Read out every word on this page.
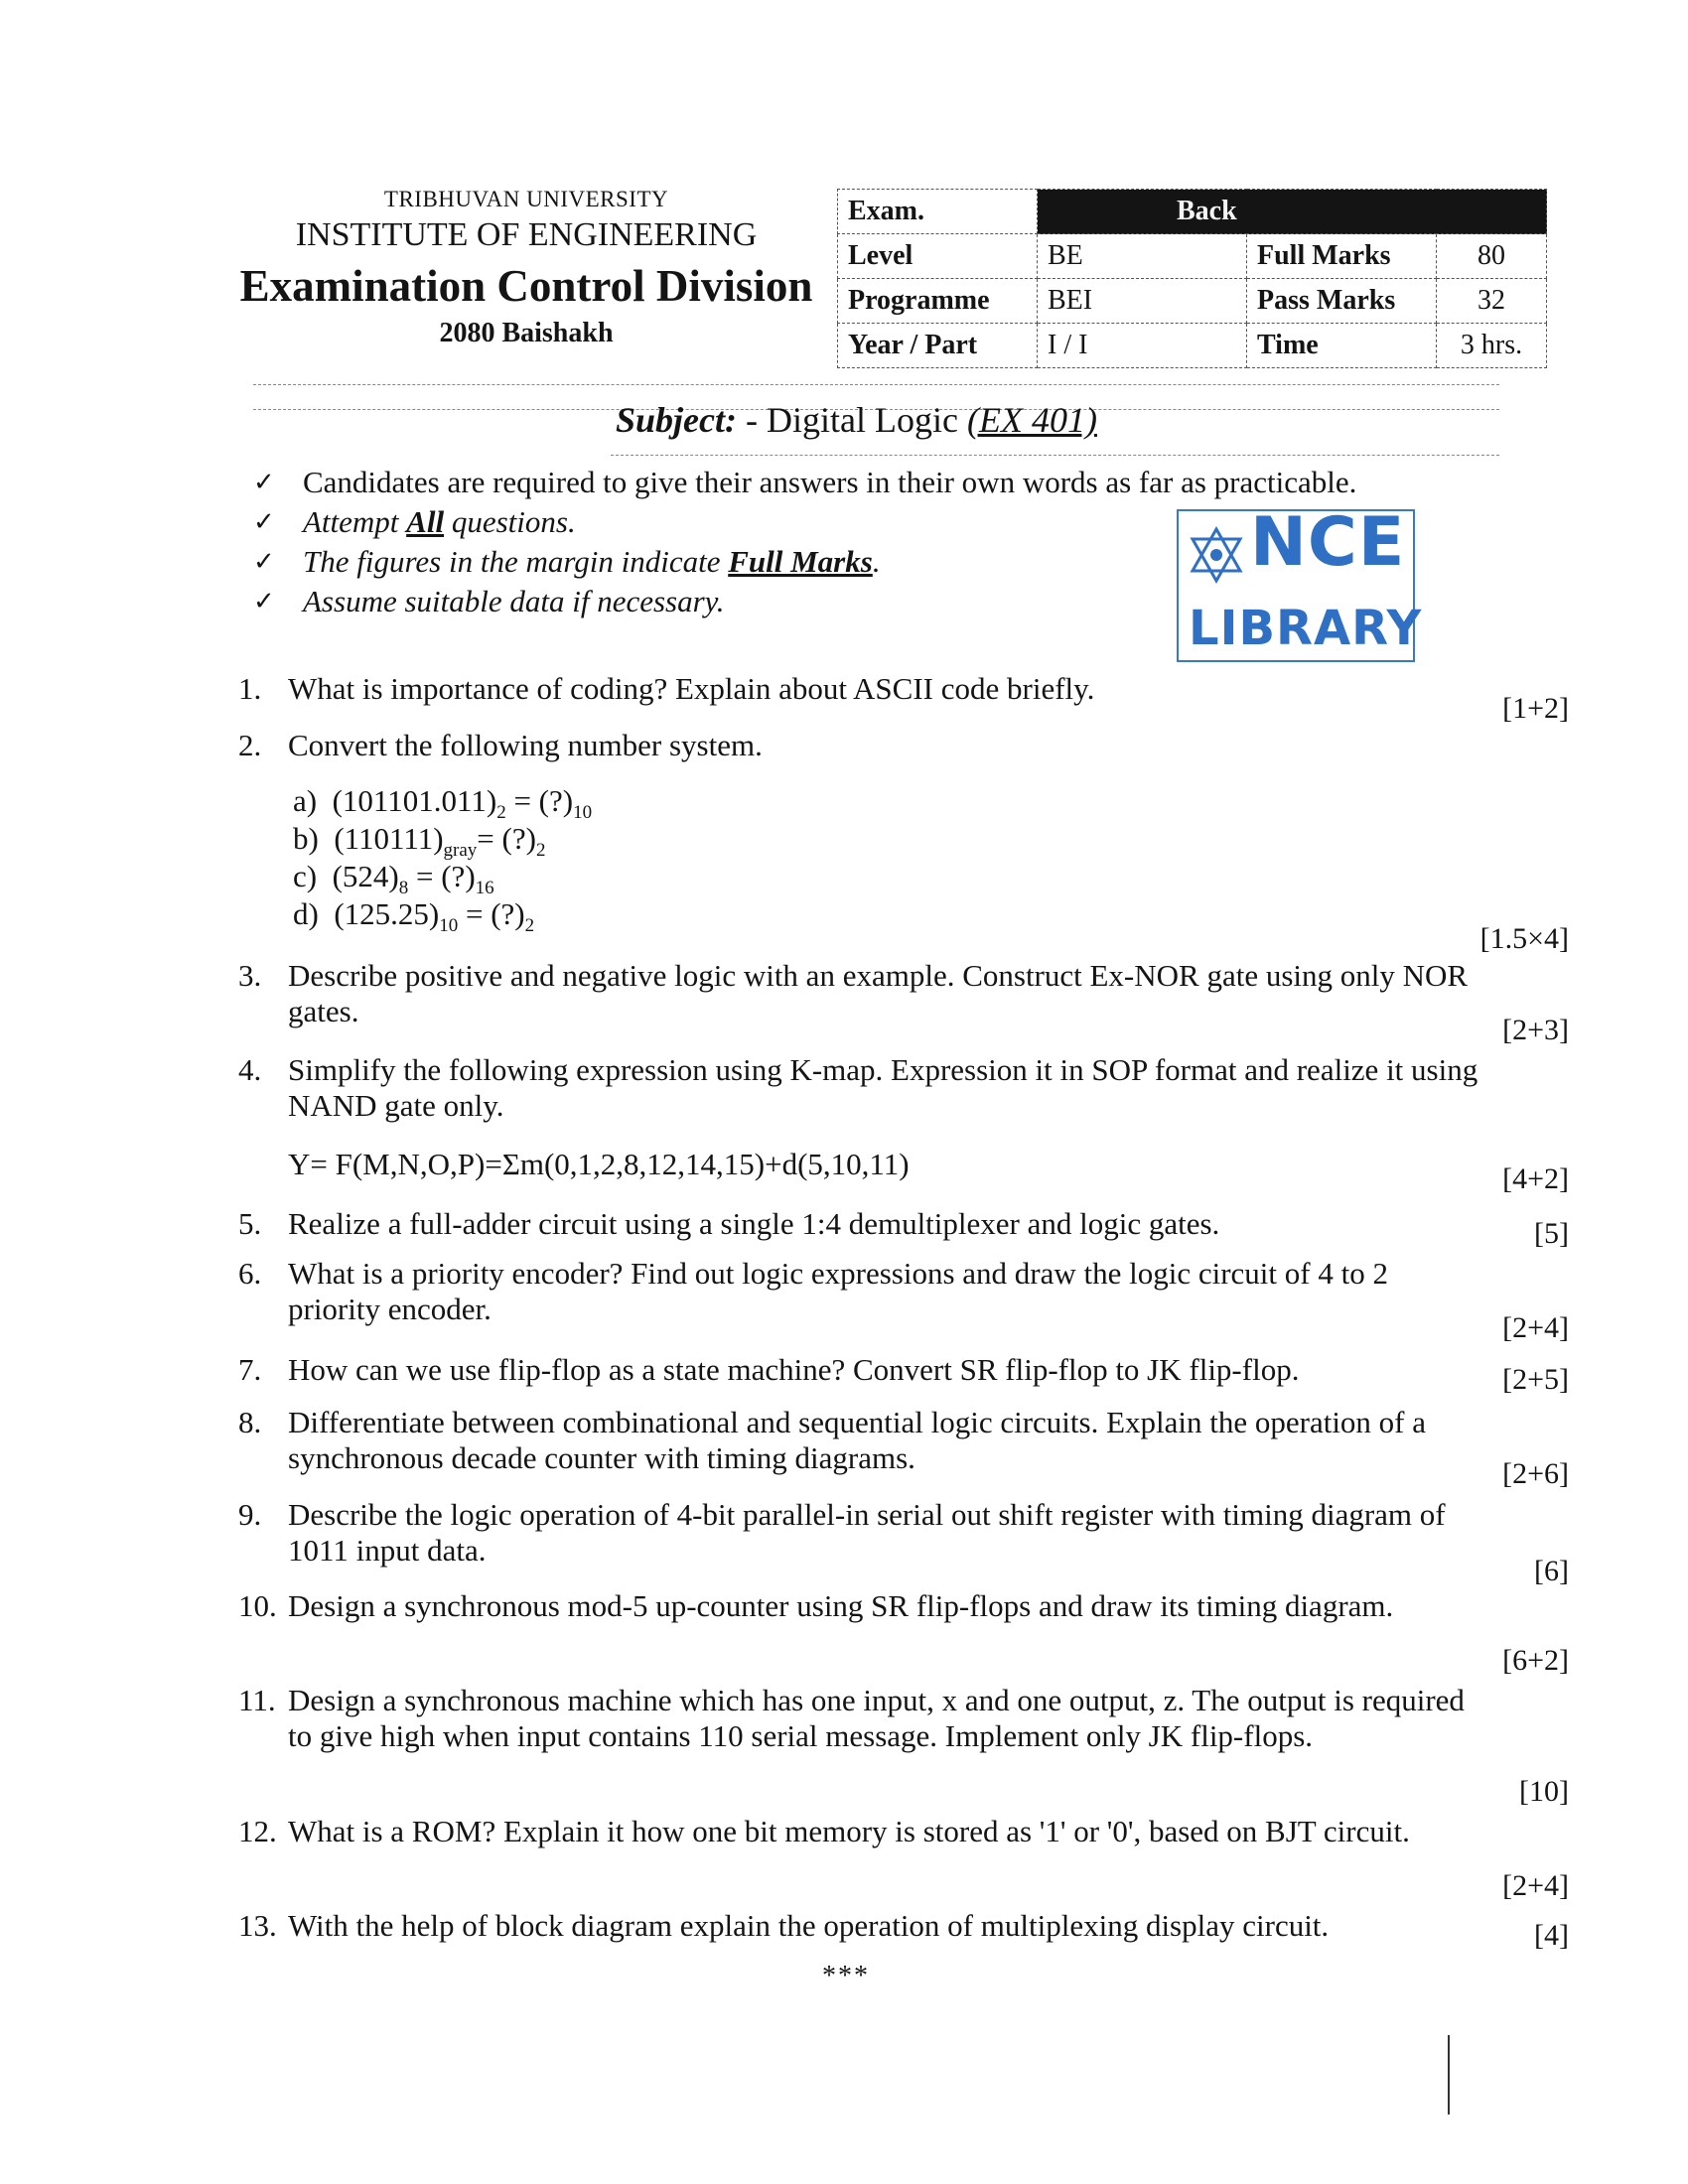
TRIBHUVAN UNIVERSITY
INSTITUTE OF ENGINEERING
Examination Control Division
2080 Baishakh
Exam.	Back		
Level	BE	Full Marks	80
Programme	BEI	Pass Marks	32
Year / Part	I / I	Time	3 hrs.
Subject: - Digital Logic (EX 401)
✓ Candidates are required to give their answers in their own words as far as practicable.
✓ Attempt All questions.
✓ The figures in the margin indicate Full Marks.
✓ Assume suitable data if necessary.
NCE
LIBRARY
1. What is importance of coding? Explain about ASCII code briefly.
[1+2]
2. Convert the following number system.
[1.5×4]
a) $(101101.011)_2$ = $(?)_{10}$
b) $(110111)_{gray}=$ $(?)_2$
c) $(524)_8$ = $(?)_{16}$
d) $(125.25)_{10}$ = $(?)_2$
3. Describe positive and negative logic with an example. Construct Ex-NOR gate using only NOR gates.
[2+3]
4. Simplify the following expression using K-map. Expression it in SOP format and realize it using NAND gate only.
[4+2]
Y= F(M,N,O,P)=Σm(0,1,2,8,12,14,15)+d(5,10,11)
5. Realize a full-adder circuit using a single 1:4 demultiplexer and logic gates.	[5]
6. What is a priority encoder? Find out logic expressions and draw the logic circuit of 4 to 2 priority encoder.
[2+4]
7. How can we use flip-flop as a state machine? Convert SR flip-flop to JK flip-flop.	[2+5]
8. Differentiate between combinational and sequential logic circuits. Explain the operation of a synchronous decade counter with timing diagrams.	[2+6]
9. Describe the logic operation of 4-bit parallel-in serial out shift register with timing diagram of 1011 input data.
[6]
10. Design a synchronous mod-5 up-counter using SR flip-flops and draw its timing diagram.
[6+2]
11. Design a synchronous machine which has one input, x and one output, z. The output is required to give high when input contains 110 serial message. Implement only JK flip-flops.
[10]
12. What is a ROM? Explain it how one bit memory is stored as '1' or '0', based on BJT circuit.
[2+4]
13. With the help of block diagram explain the operation of multiplexing display circuit.	[4]
***
